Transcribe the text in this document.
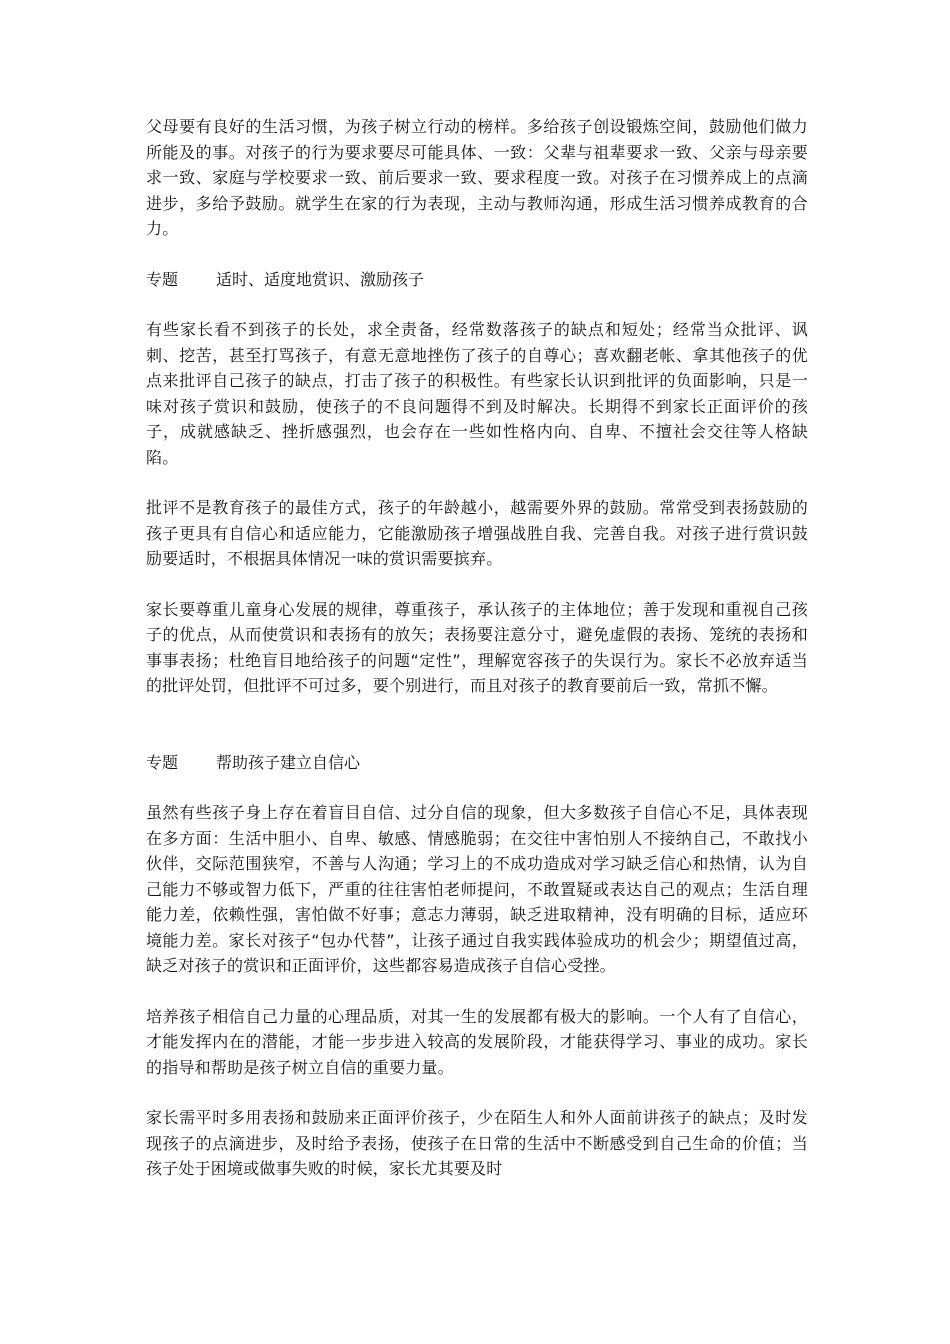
父母要有良好的生活习惯，为孩子树立行动的榜样。多给孩子创设锻炼空间，鼓励他们做力所能及的事。对孩子的行为要求要尽可能具体、一致：父辈与祖辈要求一致、父亲与母亲要求一致、家庭与学校要求一致、前后要求一致、要求程度一致。对孩子在习惯养成上的点滴进步，多给予鼓励。就学生在家的行为表现，主动与教师沟通，形成生活习惯养成教育的合力。

专题 适时、适度地赏识、激励孩子

有些家长看不到孩子的长处，求全责备，经常数落孩子的缺点和短处；经常当众批评、讽刺、挖苦，甚至打骂孩子，有意无意地挫伤了孩子的自尊心；喜欢翻老帐、拿其他孩子的优点来批评自己孩子的缺点，打击了孩子的积极性。有些家长认识到批评的负面影响，只是一味对孩子赏识和鼓励，使孩子的不良问题得不到及时解决。长期得不到家长正面评价的孩子，成就感缺乏、挫折感强烈，也会存在一些如性格内向、自卑、不擅社会交往等人格缺陷。

批评不是教育孩子的最佳方式，孩子的年龄越小，越需要外界的鼓励。常常受到表扬鼓励的孩子更具有自信心和适应能力，它能激励孩子增强战胜自我、完善自我。对孩子进行赏识鼓励要适时，不根据具体情况一味的赏识需要摈弃。

家长要尊重儿童身心发展的规律，尊重孩子，承认孩子的主体地位；善于发现和重视自己孩子的优点，从而使赏识和表扬有的放矢；表扬要注意分寸，避免虚假的表扬、笼统的表扬和事事表扬；杜绝盲目地给孩子的问题“定性”，理解宽容孩子的失误行为。家长不必放弃适当的批评处罚，但批评不可过多，要个别进行，而且对孩子的教育要前后一致，常抓不懈。

专题 帮助孩子建立自信心

虽然有些孩子身上存在着盲目自信、过分自信的现象，但大多数孩子自信心不足，具体表现在多方面：生活中胆小、自卑、敏感、情感脆弱；在交往中害怕别人不接纳自己，不敢找小伙伴，交际范围狭窄，不善与人沟通；学习上的不成功造成对学习缺乏信心和热情，认为自己能力不够或智力低下，严重的往往害怕老师提问，不敢置疑或表达自己的观点；生活自理能力差，依赖性强，害怕做不好事；意志力薄弱，缺乏进取精神，没有明确的目标，适应环境能力差。家长对孩子“包办代替”，让孩子通过自我实践体验成功的机会少；期望值过高，缺乏对孩子的赏识和正面评价，这些都容易造成孩子自信心受挫。

培养孩子相信自己力量的心理品质，对其一生的发展都有极大的影响。一个人有了自信心，才能发挥内在的潜能，才能一步步进入较高的发展阶段，才能获得学习、事业的成功。家长的指导和帮助是孩子树立自信的重要力量。

家长需平时多用表扬和鼓励来正面评价孩子，少在陌生人和外人面前讲孩子的缺点；及时发现孩子的点滴进步，及时给予表扬，使孩子在日常的生活中不断感受到自己生命的价值；当孩子处于困境或做事失败的时候，家长尤其要及时
